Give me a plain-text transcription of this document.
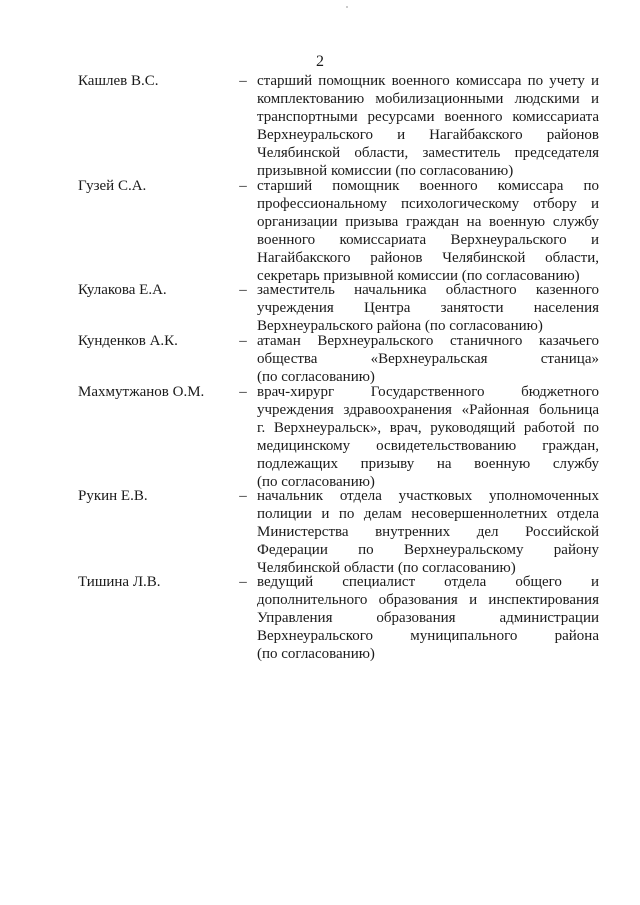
2
Кашлев В.С.	– старший помощник военного комиссара по учету и
комплектованию мобилизационными людскими и
транспортными ресурсами военного комиссариата
Верхнеуральского и Нагайбакского районов
Челябинской области, заместитель председателя
призывной комиссии (по согласованию)
Гузей С.А.	– старший помощник военного комиссара по
профессиональному психологическому отбору и
организации призыва граждан на военную службу
военного комиссариата Верхнеуральского и
Нагайбакского районов Челябинской области,
секретарь призывной комиссии (по согласованию)
Кулакова Е.А.	– заместитель начальника областного казенного
учреждения Центра занятости населения
Верхнеуральского района (по согласованию)
Кунденков А.К.	– атаман Верхнеуральского станичного казачьего
общества «Верхнеуральская станица»
(по согласованию)
Махмутжанов О.М.	– врач-хирург Государственного бюджетного
учреждения здравоохранения «Районная больница
г. Верхнеуральск», врач, руководящий работой по
медицинскому освидетельствованию граждан,
подлежащих призыву на военную службу
(по согласованию)
Рукин Е.В.	– начальник отдела участковых уполномоченных
полиции и по делам несовершеннолетних отдела
Министерства внутренних дел Российской
Федерации по Верхнеуральскому району
Челябинской области (по согласованию)
Тишина Л.В.	– ведущий специалист отдела общего и
дополнительного образования и инспектирования
Управления образования администрации
Верхнеуральского муниципального района
(по согласованию)
